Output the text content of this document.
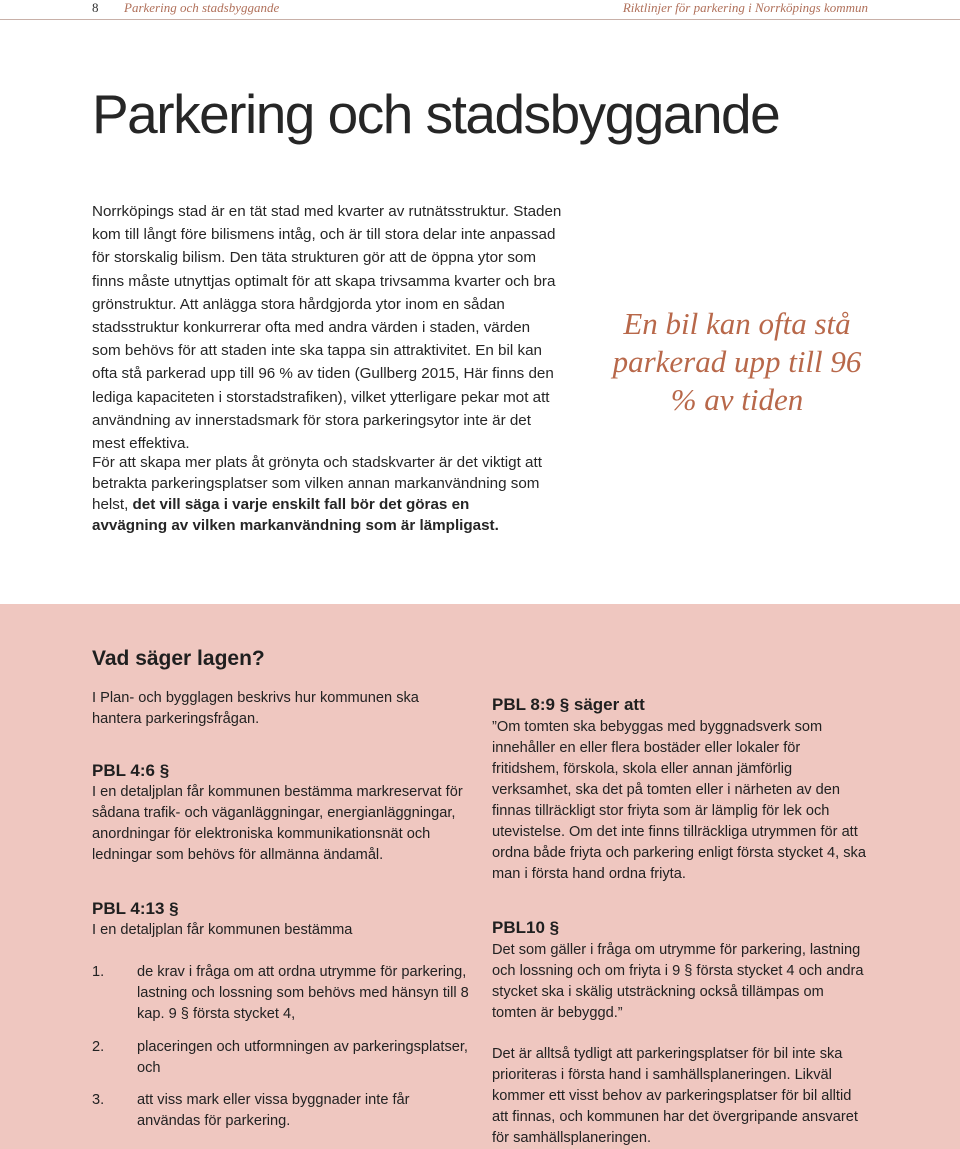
8 Parkering och stadsbyggande	Riktlinjer för parkering i Norrköpings kommun
Parkering och stadsbyggande
Norrköpings stad är en tät stad med kvarter av rutnätsstruktur. Staden kom till långt före bilismens intåg, och är till stora delar inte anpassad för storskalig bilism. Den täta strukturen gör att de öppna ytor som finns måste utnyttjas optimalt för att skapa trivsamma kvarter och bra grönstruktur. Att anlägga stora hårdgjorda ytor inom en sådan stadsstruktur konkurrerar ofta med andra värden i staden, värden som behövs för att staden inte ska tappa sin attraktivitet. En bil kan ofta stå parkerad upp till 96 % av tiden (Gullberg 2015, Här finns den lediga kapaciteten i storstadstrafiken), vilket ytterligare pekar mot att användning av innerstadsmark för stora parkeringsytor inte är det mest effektiva.
En bil kan ofta stå parkerad upp till 96 % av tiden
För att skapa mer plats åt grönyta och stadskvarter är det viktigt att betrakta parkeringsplatser som vilken annan markanvändning som helst, det vill säga i varje enskilt fall bör det göras en avvägning av vilken markanvändning som är lämpligast.
Vad säger lagen?

I Plan- och bygglagen beskrivs hur kommunen ska hantera parkeringsfrågan.

PBL 4:6 §

I en detaljplan får kommunen bestämma markreservat för sådana trafik- och väganläggningar, energianläggningar, anordningar för elektroniska kommunikationsnät och ledningar som behövs för allmänna ändamål.

PBL 4:13 §

I en detaljplan får kommunen bestämma

1. de krav i fråga om att ordna utrymme för parkering, lastning och lossning som behövs med hänsyn till 8 kap. 9 § första stycket 4,
2. placeringen och utformningen av parkeringsplatser, och
3. att viss mark eller vissa byggnader inte får användas för parkering.
PBL 8:9 § säger att

”Om tomten ska bebyggas med byggnadsverk som innehåller en eller flera bostäder eller lokaler för fritidshem, förskola, skola eller annan jämförlig verksamhet, ska det på tomten eller i närheten av den finnas tillräckligt stor friyta som är lämplig för lek och utevistelse. Om det inte finns tillräckliga utrymmen för att ordna både friyta och parkering enligt första stycket 4, ska man i första hand ordna friyta.

PBL10 §

Det som gäller i fråga om utrymme för parkering, lastning och lossning och om friyta i 9 § första stycket 4 och andra stycket ska i skälig utsträckning också tillämpas om tomten är bebyggd.”

Det är alltså tydligt att parkeringsplatser för bil inte ska prioriteras i första hand i samhällsplaneringen. Likväl kommer ett visst behov av parkeringsplatser för bil alltid att finnas, och kommunen har det övergripande ansvaret för samhällsplaneringen.
